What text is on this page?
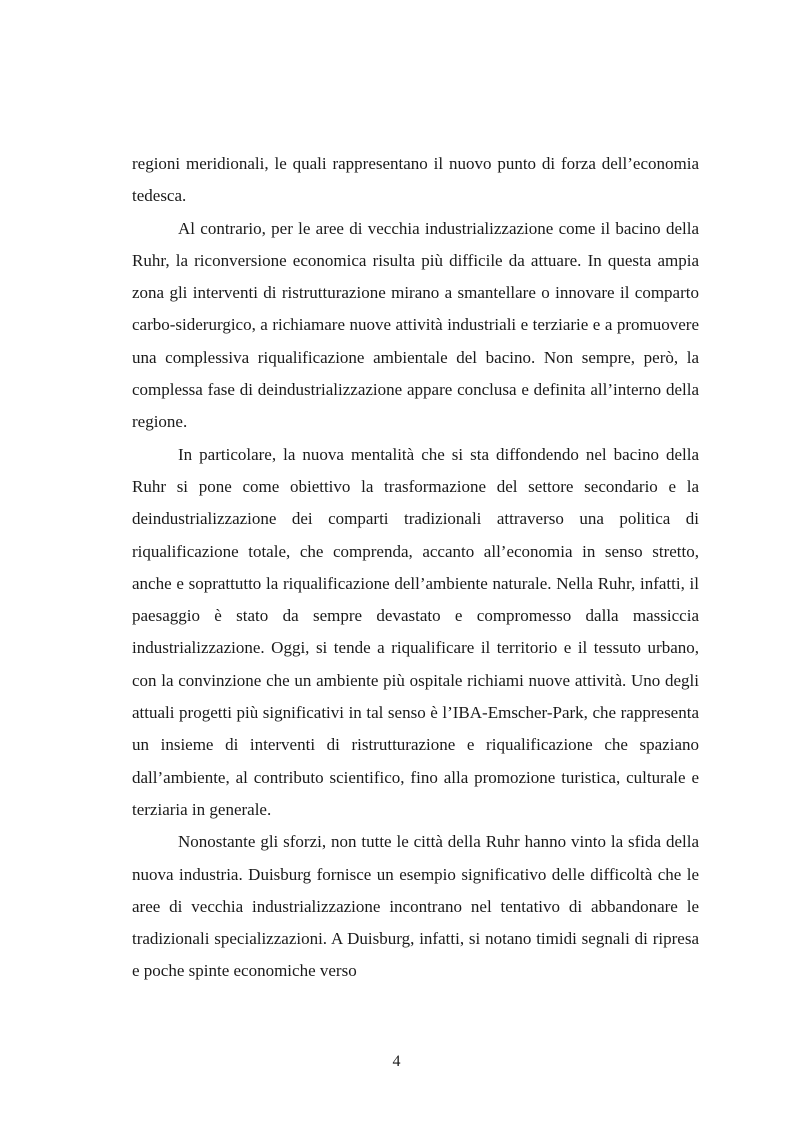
regioni meridionali, le quali rappresentano il nuovo punto di forza dell’economia tedesca.

Al contrario, per le aree di vecchia industrializzazione come il bacino della Ruhr, la riconversione economica risulta più difficile da attuare. In questa ampia zona gli interventi di ristrutturazione mirano a smantellare o innovare il comparto carbo-siderurgico, a richiamare nuove attività industriali e terziarie e a promuovere una complessiva riqualificazione ambientale del bacino. Non sempre, però, la complessa fase di deindustrializzazione appare conclusa e definita all’interno della regione.

In particolare, la nuova mentalità che si sta diffondendo nel bacino della Ruhr si pone come obiettivo la trasformazione del settore secondario e la deindustrializzazione dei comparti tradizionali attraverso una politica di riqualificazione totale, che comprenda, accanto all’economia in senso stretto, anche e soprattutto la riqualificazione dell’ambiente naturale. Nella Ruhr, infatti, il paesaggio è stato da sempre devastato e compromesso dalla massiccia industrializzazione. Oggi, si tende a riqualificare il territorio e il tessuto urbano, con la convinzione che un ambiente più ospitale richiami nuove attività. Uno degli attuali progetti più significativi in tal senso è l’IBA-Emscher-Park, che rappresenta un insieme di interventi di ristrutturazione e riqualificazione che spaziano dall’ambiente, al contributo scientifico, fino alla promozione turistica, culturale e terziaria in generale.

Nonostante gli sforzi, non tutte le città della Ruhr hanno vinto la sfida della nuova industria. Duisburg fornisce un esempio significativo delle difficoltà che le aree di vecchia industrializzazione incontrano nel tentativo di abbandonare le tradizionali specializzazioni. A Duisburg, infatti, si notano timidi segnali di ripresa e poche spinte economiche verso

4
